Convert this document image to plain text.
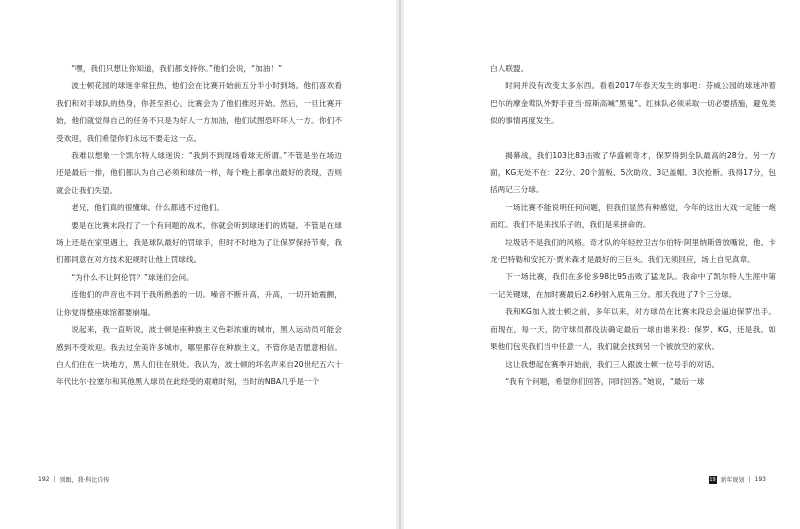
“嘿，我们只想让你知道，我们都支持你。”他们会说，“加油！”

波士顿花园的球迷非常狂热，他们会在比赛开始前五分半小时到场。他们喜欢看我们和对手球队的热身，你甚至担心，比赛会为了他们推迟开始。然后，一旦比赛开始，他们就觉得自己的任务不只是为好人一方加油，他们试图恐吓坏人一方。你们不受欢迎，我们希望你们永远不要走这一点。

我难以想象一个凯尔特人球迷说：“我到不到现场看球无所谓。”不管是坐在场边还是最后一排，他们都认为自己必须和球员一样，每个晚上都拿出最好的表现，否则就会让我们失望。

老兄，他们真的很懂球。什么都逃不过他们。

要是在比赛末段打了一个有问题的战术，你就会听到球迷们的质疑。不管是在球场上还是在家里遇上，我是球队最好的罚球手，但时不时地为了让保罗保持节奏，我们都同意在对方技术犯规时让他上罚球线。

“为什么不让阿伦罚？”球迷们会问。

连他们的声音也不同于我所熟悉的一切。噪音不断升高，升高，一切开始震颤，让你觉得整座球馆都要崩塌。

说起来，我一直听说，波士顿是座种族主义色彩浓重的城市，黑人运动员可能会感到不受欢迎。我去过全美许多城市，哪里都存在种族主义，不管你是否愿意相信。白人们住在一块地方，黑人们住在别处。我认为，波士顿的坏名声来自20世纪五六十年代比尔·拉塞尔和其他黑人球员在此经受的艰难时刻，当时的NBA几乎是一个

192 | 别跟，我·科比自传

白人联盟。

时间并没有改变太多东西。看看2017年春天发生的事吧：芬威公园的球迷冲着巴尔的摩金莺队外野手亚当·琼斯高喊“黑鬼”。红袜队必须采取一切必要措施，避免类似的事情再度发生。

揭幕战，我们103比83击败了华盛顿奇才，保罗得到全队最高的28分。另一方面，KG无处不在：22分、20个篮板、5次助攻、3记盖帽、3次抢断。我得17分，包括两记三分球。

一场比赛不能说明任何问题，但我们显然有种感觉，今年的这出大戏一定能一炮而红。我们不是来找乐子的，我们是来拼命的。

垃圾话不是我们的风格。奇才队的年轻控卫吉尔伯特·阿里纳斯曾放嘴说，他、卡龙·巴特勒和安托万·贾米森才是最好的三巨头。我们无须回应，场上自见真章。

下一场比赛，我们在多伦多98比95击败了猛龙队。我命中了凯尔特人生涯中第一记关键球，在加时赛最后2.6秒射入底角三分。那天我进了7个三分球。

我和KG加入波士顿之前，多年以来，对方球员在比赛末段总会逼迫保罗出手。而现在，每一天，防守球员都没法确定最后一球由谁来投：保罗、KG，还是我。如果他们包夹我们当中任意一人，我们就会找到另一个被放空的家伙。

这让我想起在赛季开始前，我们三人跟波士顿一位号手的对话。

“我有个问题，希望你们回答，同时回答。”她说，“最后一球

19 新年规划 | 193
